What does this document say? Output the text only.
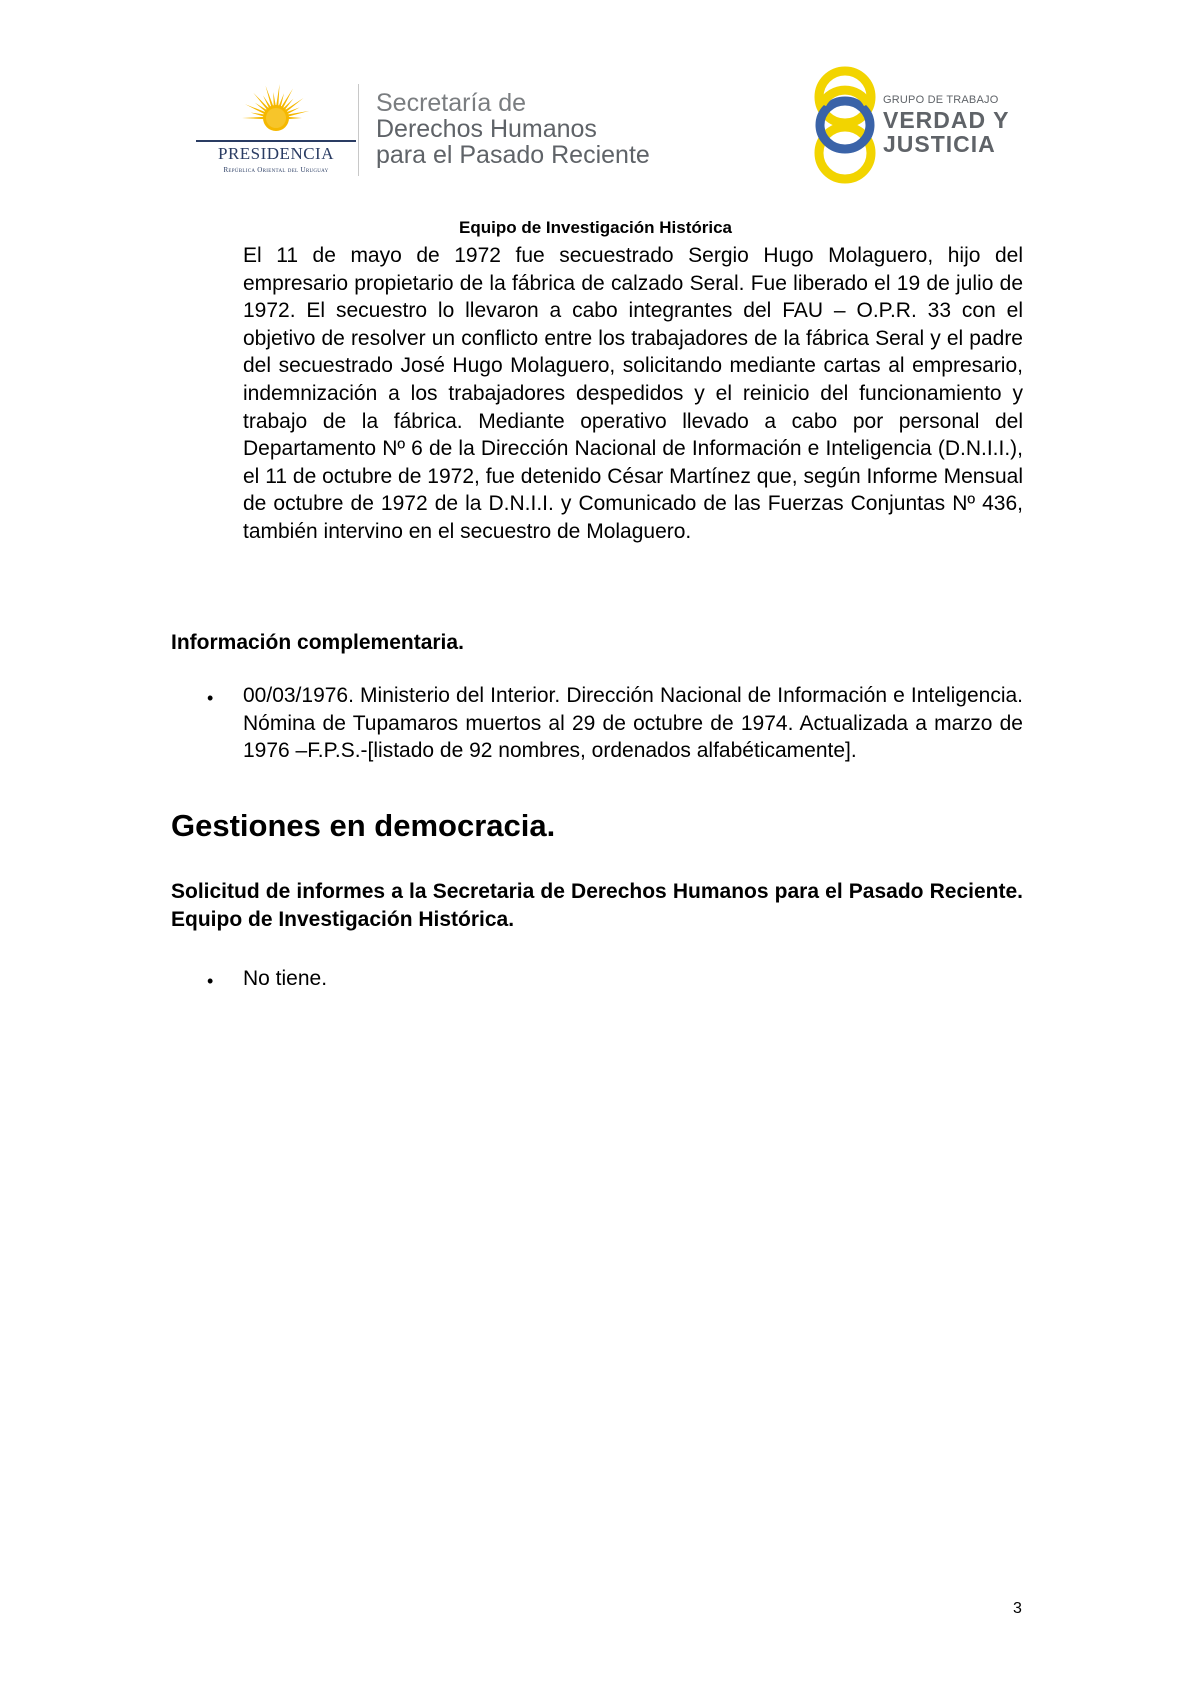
PRESIDENCIA
República Oriental del Uruguay
Secretaría de
Derechos Humanos
para el Pasado Reciente
GRUPO DE TRABAJO
VERDAD Y
JUSTICIA
Equipo de Investigación Histórica
El 11 de mayo de 1972 fue secuestrado Sergio Hugo Molaguero, hijo del empresario propietario de la fábrica de calzado Seral. Fue liberado el 19 de julio de 1972. El secuestro lo llevaron a cabo integrantes del FAU – O.P.R. 33 con el objetivo de resolver un conflicto entre los trabajadores de la fábrica Seral y el padre del secuestrado José Hugo Molaguero, solicitando mediante cartas al empresario, indemnización a los trabajadores despedidos y el reinicio del funcionamiento y trabajo de la fábrica. Mediante operativo llevado a cabo por personal del Departamento Nº 6 de la Dirección Nacional de Información e Inteligencia (D.N.I.I.), el 11 de octubre de 1972, fue detenido César Martínez que, según Informe Mensual de octubre de 1972 de la D.N.I.I. y Comunicado de las Fuerzas Conjuntas Nº 436, también intervino en el secuestro de Molaguero.
Información complementaria.
• 00/03/1976. Ministerio del Interior. Dirección Nacional de Información e Inteligencia. Nómina de Tupamaros muertos al 29 de octubre de 1974. Actualizada a marzo de 1976 –F.P.S.-[listado de 92 nombres, ordenados alfabéticamente].
Gestiones en democracia.
Solicitud de informes a la Secretaria de Derechos Humanos para el Pasado Reciente. Equipo de Investigación Histórica.
• No tiene.
3
